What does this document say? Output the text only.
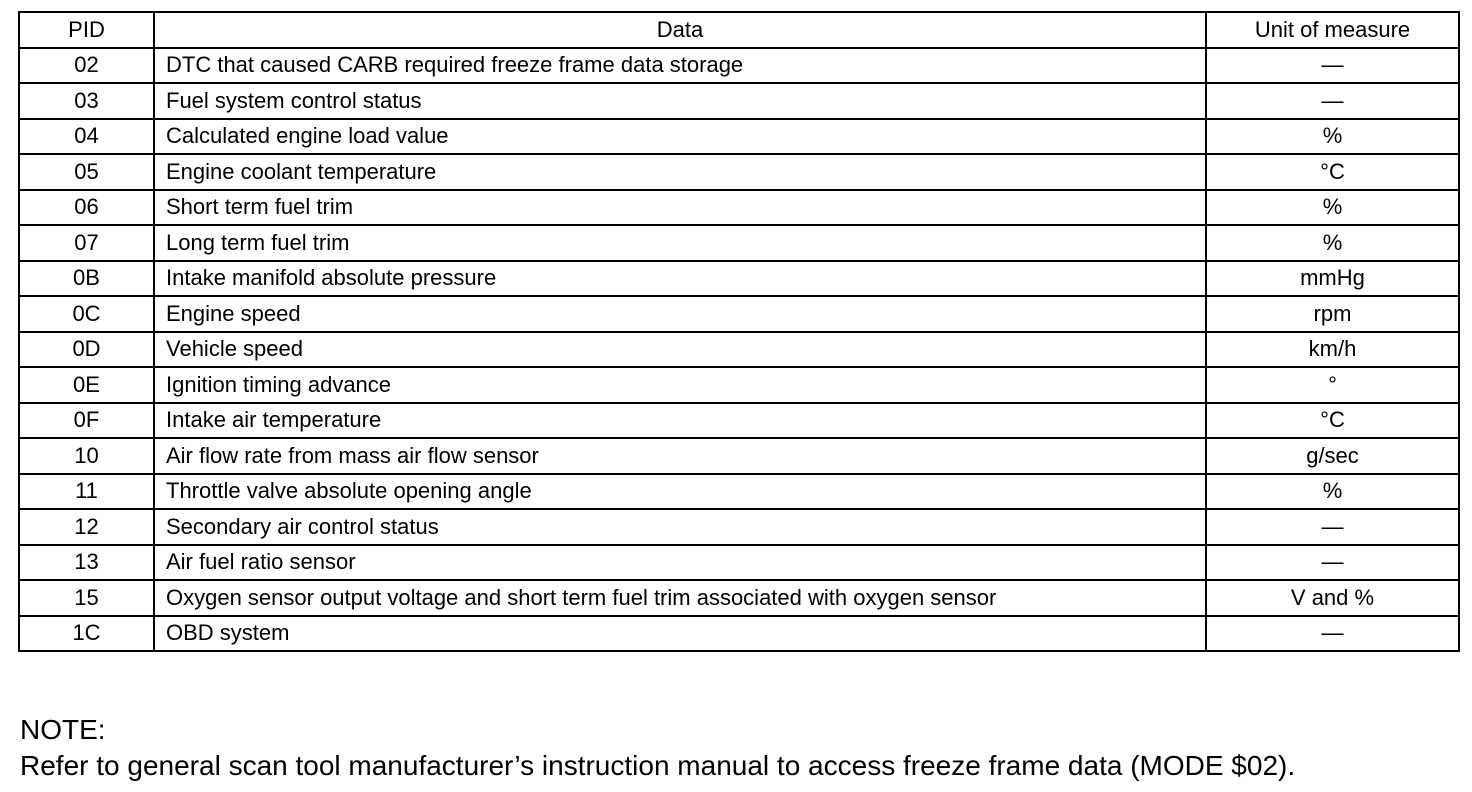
PID	Data	Unit of measure
02	DTC that caused CARB required freeze frame data storage	—
03	Fuel system control status	—
04	Calculated engine load value	%
05	Engine coolant temperature	°C
06	Short term fuel trim	%
07	Long term fuel trim	%
0B	Intake manifold absolute pressure	mmHg
0C	Engine speed	rpm
0D	Vehicle speed	km/h
0E	Ignition timing advance	°
0F	Intake air temperature	°C
10	Air flow rate from mass air flow sensor	g/sec
11	Throttle valve absolute opening angle	%
12	Secondary air control status	—
13	Air fuel ratio sensor	—
15	Oxygen sensor output voltage and short term fuel trim associated with oxygen sensor	V and %
1C	OBD system	—
NOTE:
Refer to general scan tool manufacturer’s instruction manual to access freeze frame data (MODE $02).
